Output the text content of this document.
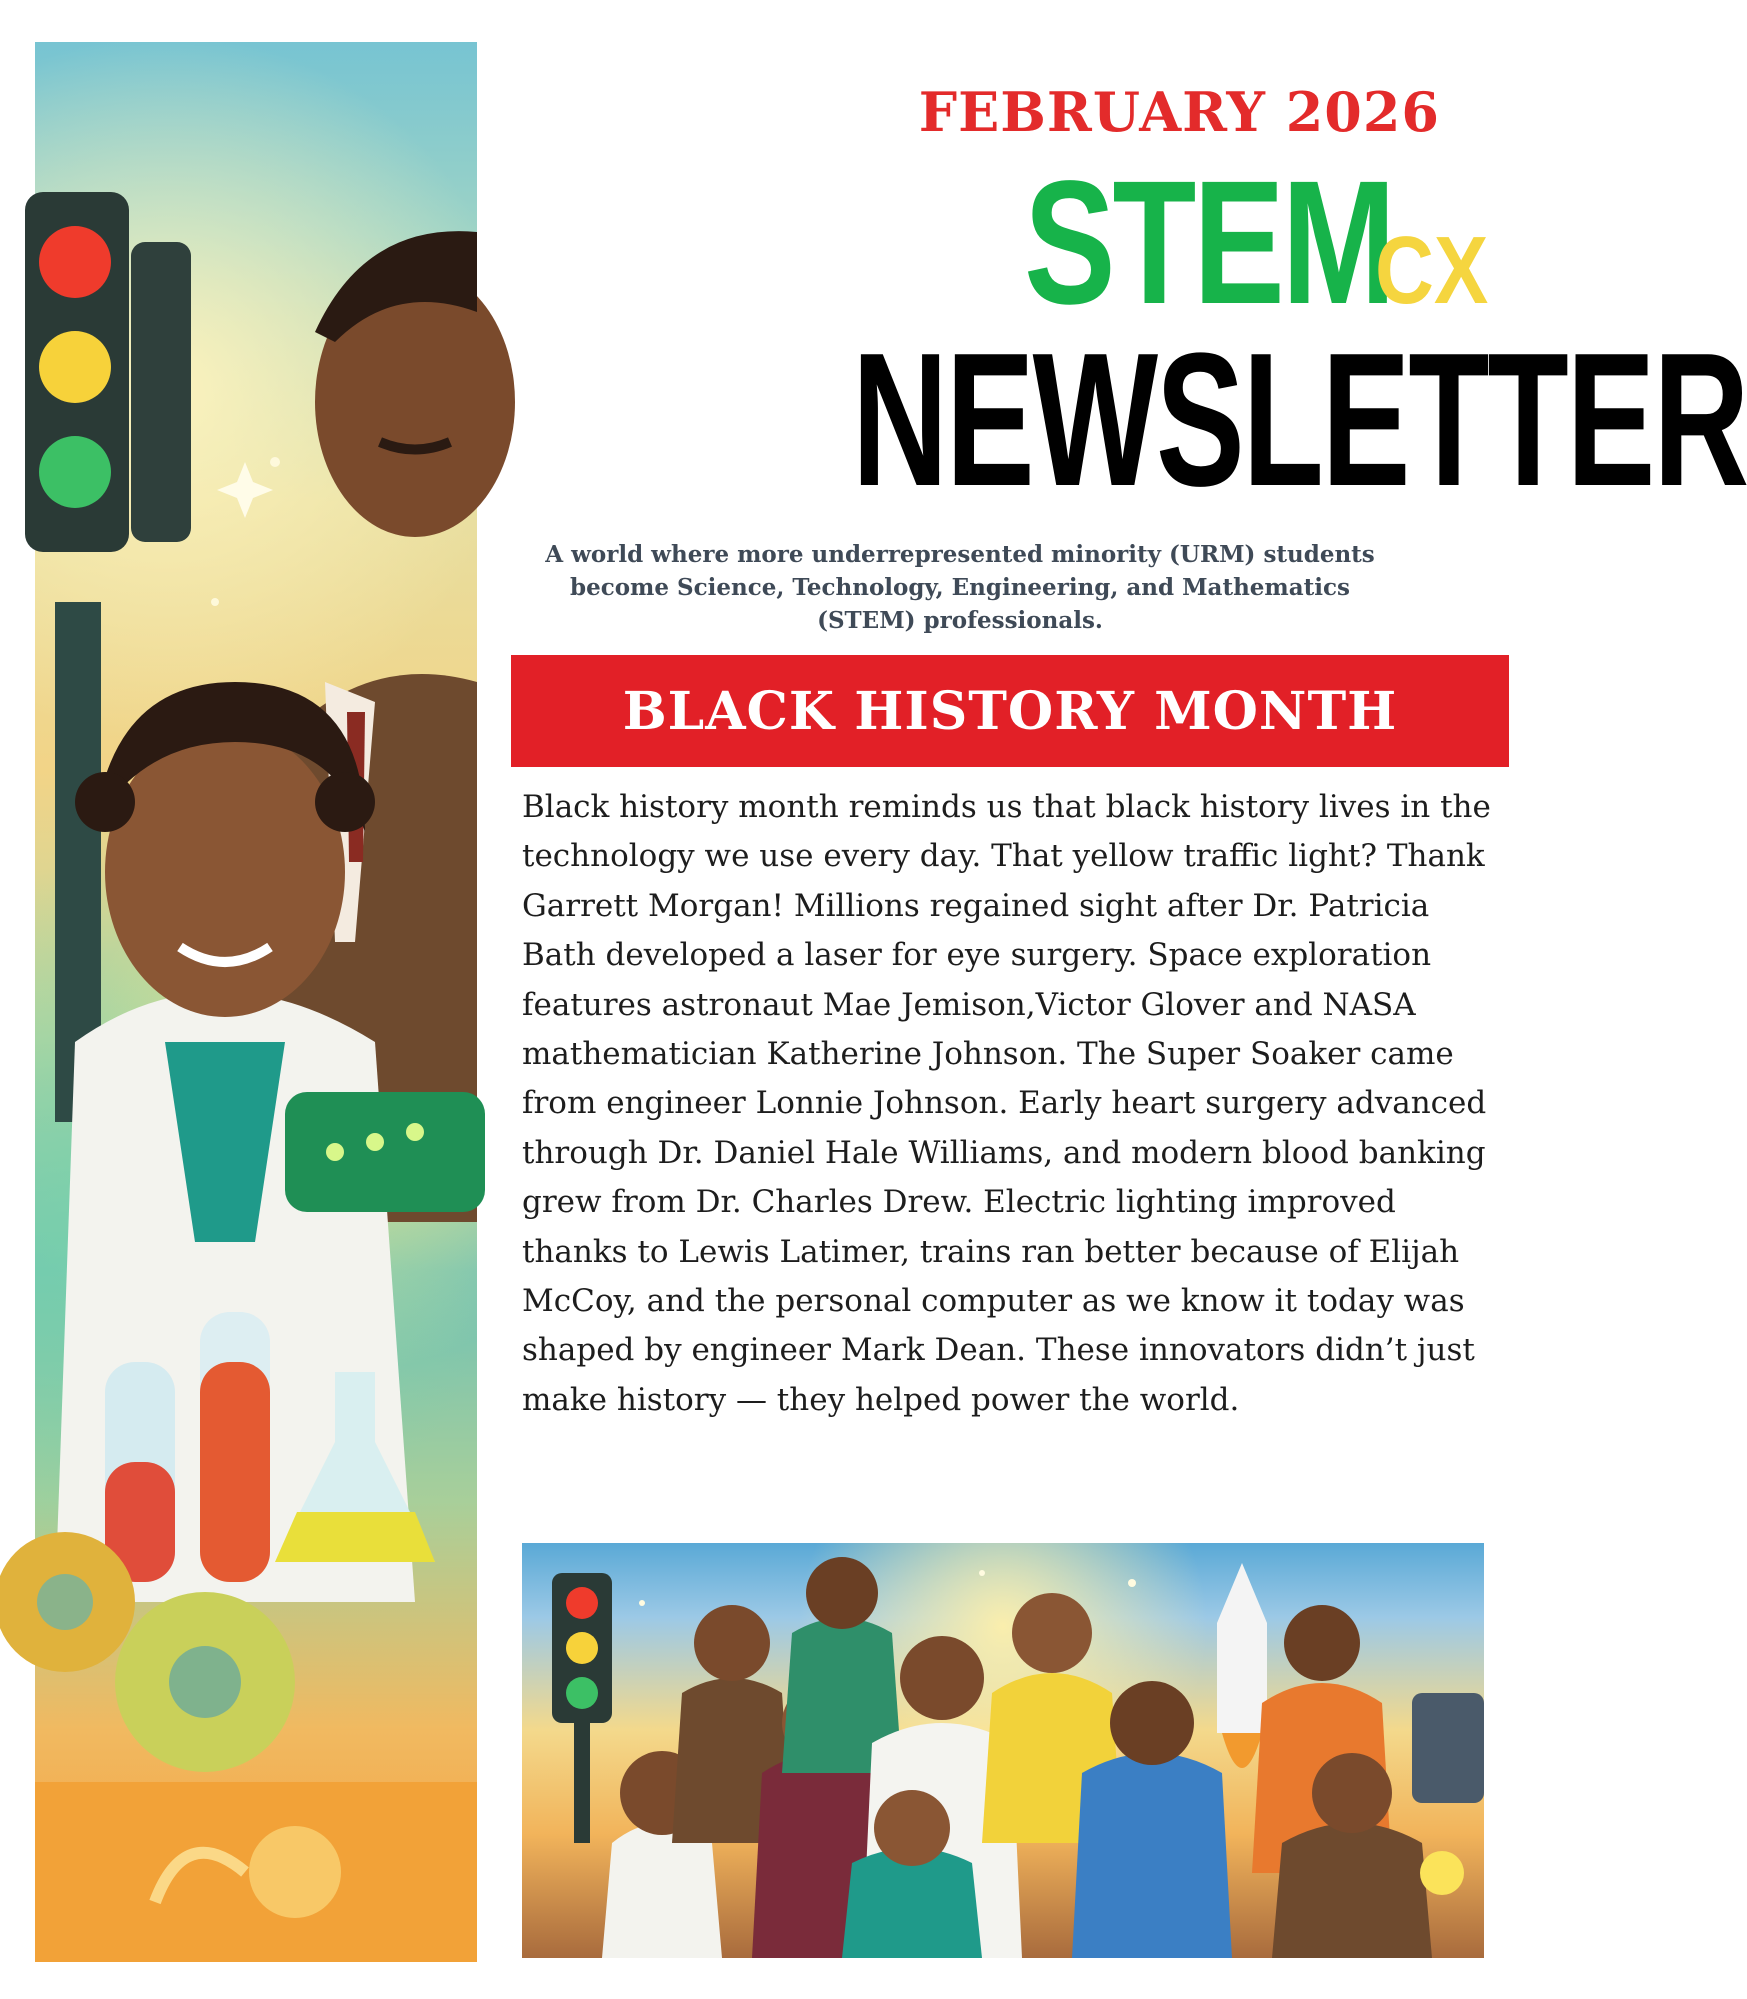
FEBRUARY 2026
STEMCX
NEWSLETTER
A world where more underrepresented minority (URM) students become Science, Technology, Engineering, and Mathematics (STEM) professionals.
BLACK HISTORY MONTH

Black history month reminds us that black history lives in the technology we use every day. That yellow traffic light? Thank Garrett Morgan! Millions regained sight after Dr. Patricia Bath developed a laser for eye surgery. Space exploration features astronaut Mae Jemison,Victor Glover and NASA mathematician Katherine Johnson. The Super Soaker came from engineer Lonnie Johnson. Early heart surgery advanced through Dr. Daniel Hale Williams, and modern blood banking grew from Dr. Charles Drew. Electric lighting improved thanks to Lewis Latimer, trains ran better because of Elijah McCoy, and the personal computer as we know it today was shaped by engineer Mark Dean. These innovators didn’t just make history — they helped power the world.
